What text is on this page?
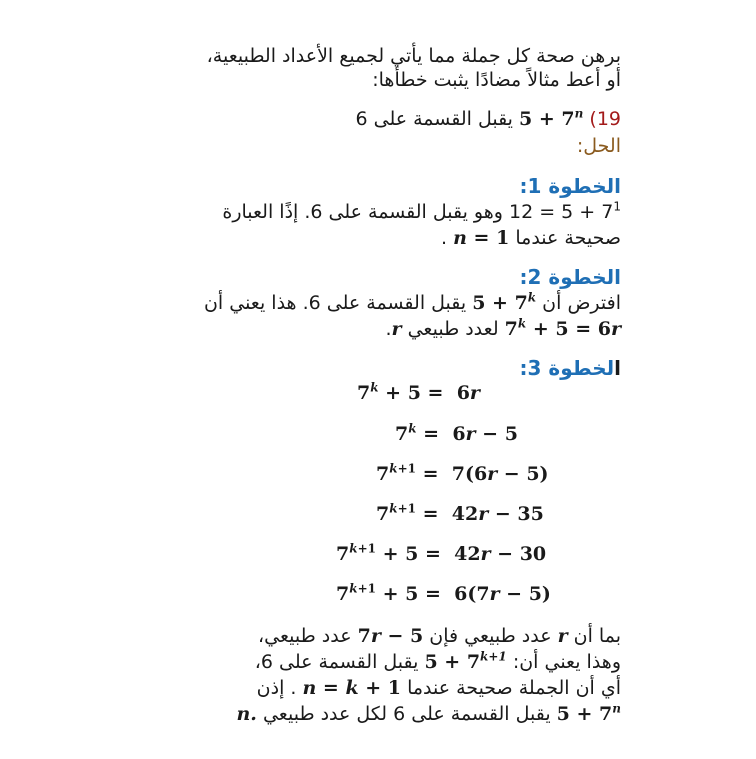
برهن صحة كل جملة مما يأتي لجميع الأعداد الطبيعية،
أو أعط مثالاً مضادًا يثبت خطأها:
19) $5 + 7^n$ يقبل القسمة على 6
الحل:
الخطوة 1:
$12 = 5 + 7^1$ وهو يقبل القسمة على 6. إذًا العبارة
صحيحة عندما n = 1 .
الخطوة 2:
افترض أن $5 + 7^k$ يقبل القسمة على 6. هذا يعني أن
$7^k + 5 = 6r$ لعدد طبيعي r.
الخطوة 3:
$7^k + 5 = 6r$
$7^k = 6r - 5$
$7^{k+1} = 7(6r - 5)$
$7^{k+1} = 42r - 35$
$7^{k+1} + 5 = 42r - 30$
$7^{k+1} + 5 = 6(7r - 5)$
بما أن r عدد طبيعي فإن 7r − 5 عدد طبيعي،
وهذا يعني أن: $5 + 7^{k+1}$ يقبل القسمة على 6،
أي أن الجملة صحيحة عندما n = k + 1 . إذن
$5 + 7^n$ يقبل القسمة على 6 لكل عدد طبيعي n.
